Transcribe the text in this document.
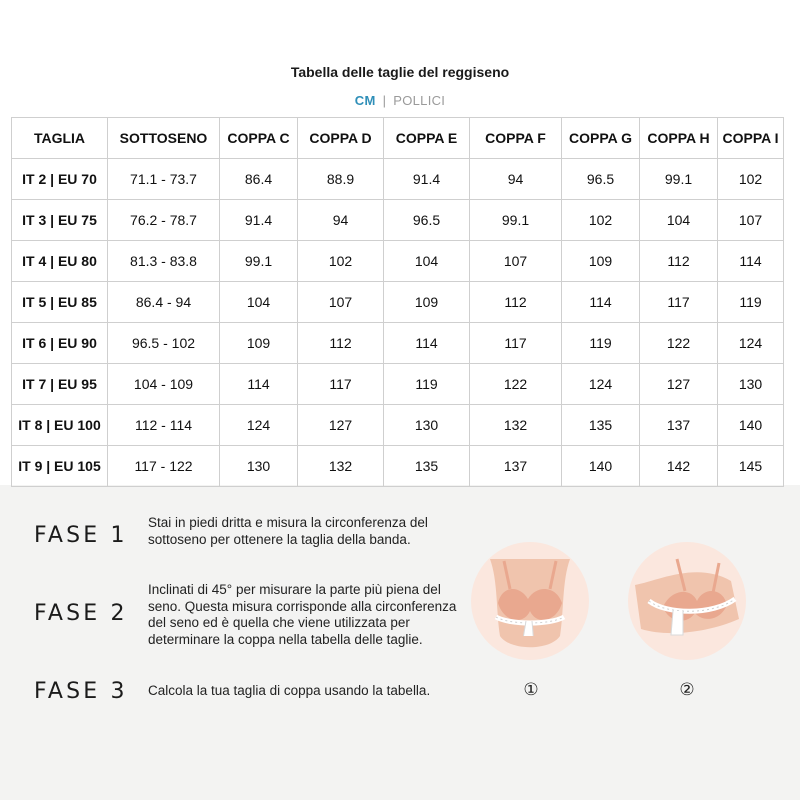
Tabella delle taglie del reggiseno
CM | POLLICI
TAGLIA	SOTTOSENO	COPPA C	COPPA D	COPPA E	COPPA F	COPPA G	COPPA H	COPPA I
IT 2 | EU 70	71.1 - 73.7	86.4	88.9	91.4	94	96.5	99.1	102
IT 3 | EU 75	76.2 - 78.7	91.4	94	96.5	99.1	102	104	107
IT 4 | EU 80	81.3 - 83.8	99.1	102	104	107	109	112	114
IT 5 | EU 85	86.4 - 94	104	107	109	112	114	117	119
IT 6 | EU 90	96.5 - 102	109	112	114	117	119	122	124
IT 7 | EU 95	104 - 109	114	117	119	122	124	127	130
IT 8 | EU 100	112 - 114	124	127	130	132	135	137	140
IT 9 | EU 105	117 - 122	130	132	135	137	140	142	145
FASE 1
Stai in piedi dritta e misura la circonferenza del sottoseno per ottenere la taglia della banda.
FASE 2
Inclinati di 45° per misurare la parte più piena del seno. Questa misura corrisponde alla circonferenza del seno ed è quella che viene utilizzata per determinare la coppa nella tabella delle taglie.
FASE 3 Calcola la tua taglia di coppa usando la tabella.	①	②
